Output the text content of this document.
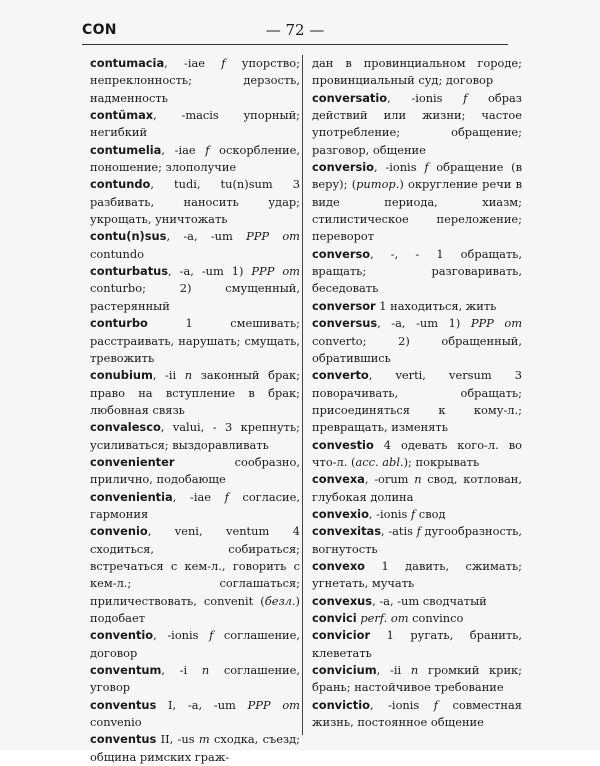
CON	— 72 —

contumacia, -iae f упорство; непреклонность; дерзость, надменность

contŭmax, -macis упорный; негибкий

contumelia, -iae f оскорбление, поношение; злополучие

contundo, tudi, tu(n)sum 3 разбивать, наносить удар; укрощать, уничтожать

contu(n)sus, -a, -um PPP от contundo

conturbatus, -a, -um 1) PPP от conturbo; 2) смущенный, растерянный

conturbo 1 смешивать; расстраивать, нарушать; смущать, тревожить

conubium, -ii n законный брак; право на вступление в брак; любовная связь

convalesco, valui, - 3 крепнуть; усиливаться; выздоравливать

convenienter сообразно, прилично, подобающе

convenientia, -iae f согласие, гармония

convenio, veni, ventum 4 сходиться, собираться; встречаться с кем-л., говорить с кем-л.; соглашаться; приличествовать, convenit (безл.) подобает

conventio, -ionis f соглашение, договор

conventum, -i n соглашение, уговор

conventus I, -a, -um PPP от convenio

conventus II, -us m сходка, съезд; община римских граж-

дан в провинциальном городе; провинциальный суд; договор

conversatio, -ionis f образ действий или жизни; частое употребление; обращение; разговор, общение

conversio, -ionis f обращение (в веру); (ритор.) округление речи в виде периода, хиазм; стилистическое переложение; переворот

converso, -, - 1 обращать, вращать; разговаривать, беседовать

conversor 1 находиться, жить

conversus, -a, -um 1) PPP от converto; 2) обращенный, обратившись

converto, verti, versum 3 поворачивать, обращать; присоединяться к кому-л.; превращать, изменять

convestio 4 одевать кого-л. во что-л. (acc. abl.); покрывать

convexa, -orum n свод, котлован, глубокая долина

convexio, -ionis f свод

convexitas, -atis f дугообразность, вогнутость

convexo 1 давить, сжимать; угнетать, мучать

convexus, -a, -um сводчатый

convici perf. от convinco

convicior 1 ругать, бранить, клеветать

convicium, -ii n громкий крик; брань; настойчивое требование

convictio, -ionis f совместная жизнь, постоянное общение
